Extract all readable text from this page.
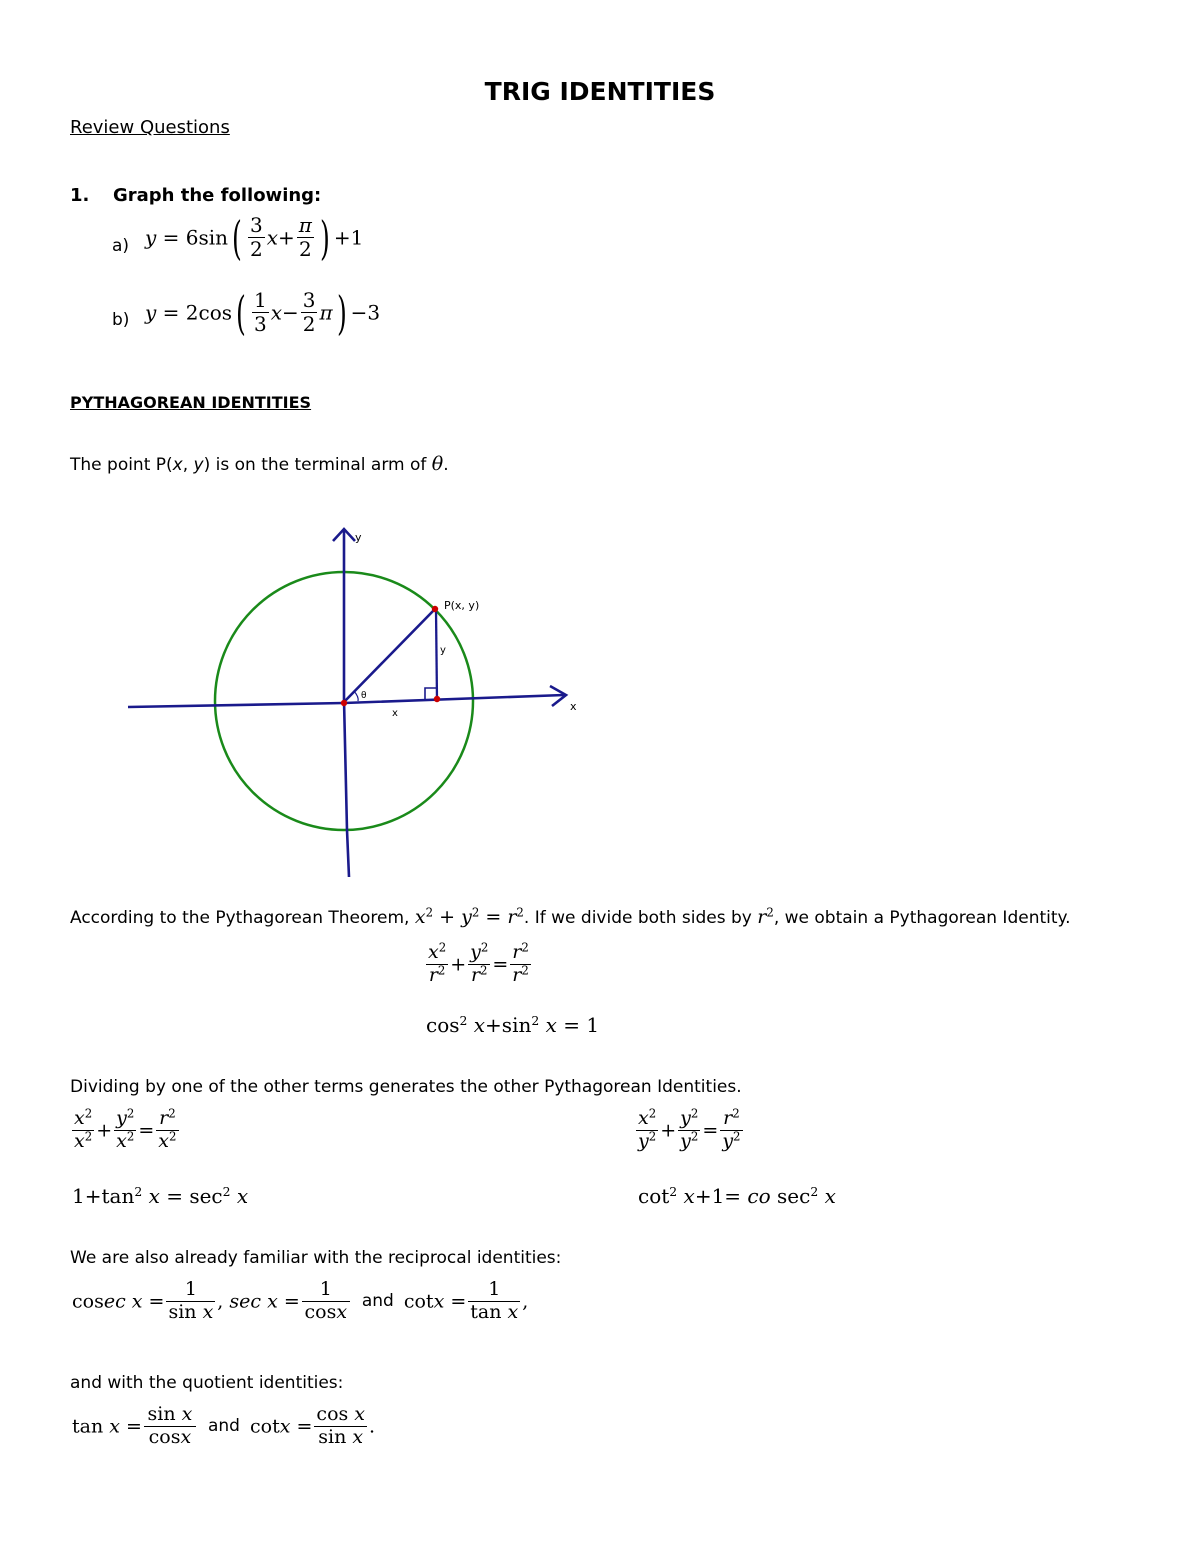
TRIG IDENTITIES
Review Questions
1. Graph the following:
a) $y = 6\sin( \frac{3}{2} x+ \frac{\pi}{2}$ ) +1
b) $y = 2\cos( \frac{1}{3} x- \frac{3}{2} \pi) -3$
PYTHAGOREAN IDENTITIES
The point P(x, y) is on the terminal arm of θ.
y
x
P(x, y)
y
x
θ
According to the Pythagorean Theorem, $x^2 + y^2 = r^2$. If we divide both sides by $r^2$, we obtain a Pythagorean Identity.
$\frac{x^2}{r^2} + \frac{y^2}{r^2} = \frac{r^2}{r^2}$
$\cos^2 x+\sin^2$ x = 1
Dividing by one of the other terms generates the other Pythagorean Identities.
$\frac{x^2}{x^2} + \frac{y^2}{x^2} = \frac{r^2}{x^2}$
$1+\tan^2$ $x = \sec^2 x$
$\frac{x^2}{y^2} + \frac{y^2}{y^2} = \frac{r^2}{y^2}$
$\cot^2 x+1=$ co $\sec^2 x$
We are also already familiar with the reciprocal identities:
cosec $x = \frac{1}{\text{sin x}}$ , $\sec x = \frac{1}{\cos x}$ and $\cot x = \frac{1}{\text{tan x}}$ ,
and with the quotient identities:
$\tan x = \frac{\text{sin x}}{\cos x}$ and $\cot x = \frac{\text{cos x}}{\text{sin x}}$ .
